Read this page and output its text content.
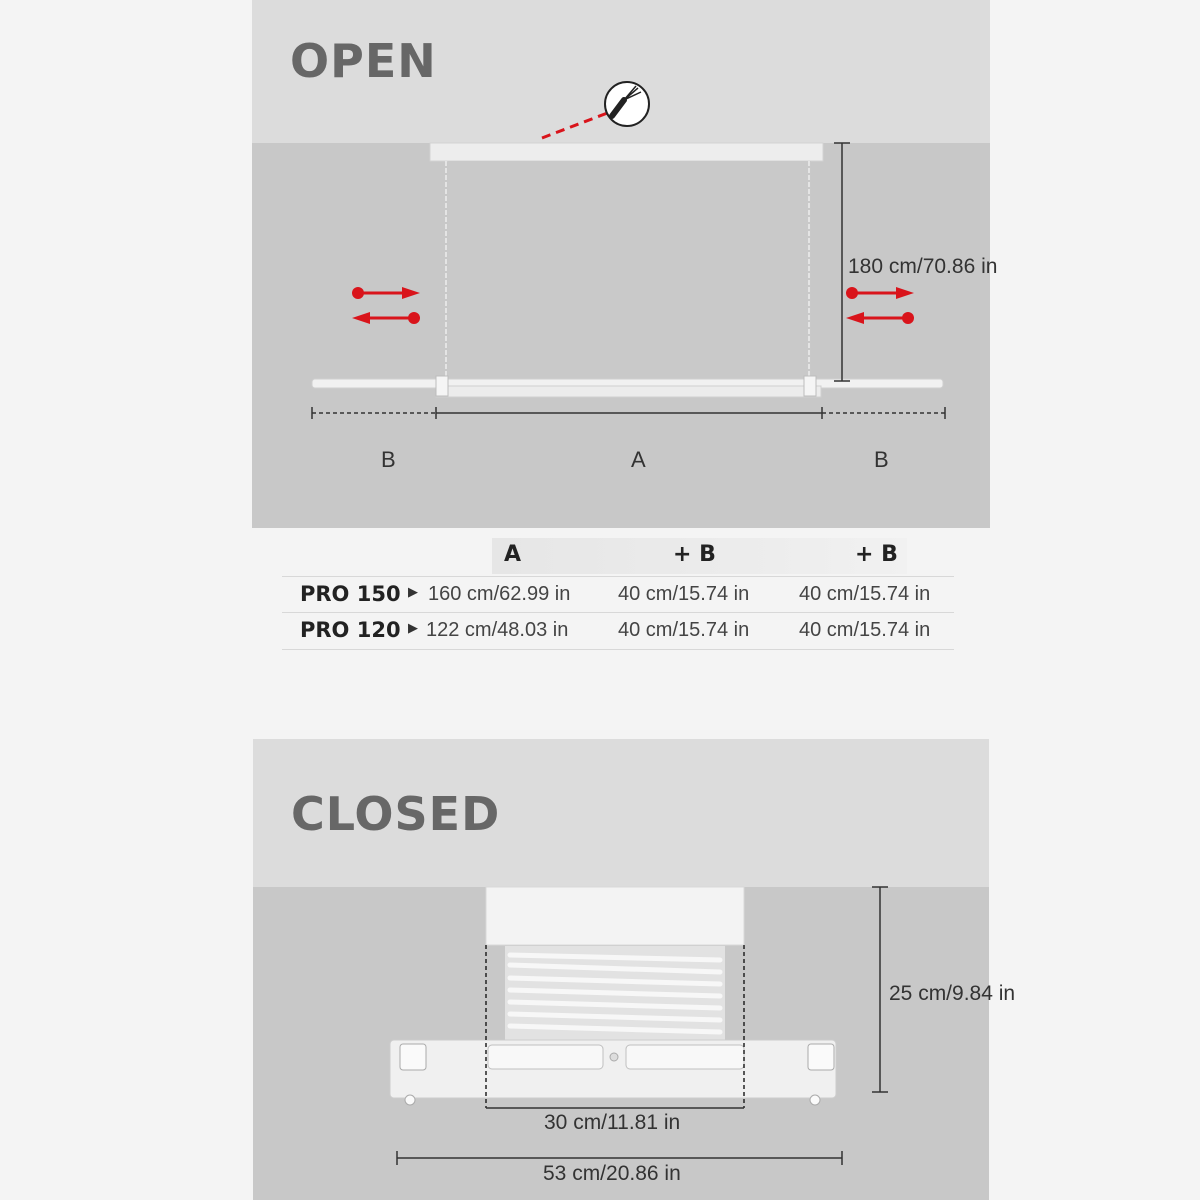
OPEN
180 cm/70.86 in
B	A	B
A	+ B	+ B
PRO 150 ▶ 160 cm/62.99 in 40 cm/15.74 in 40 cm/15.74 in
PRO 120 ▶ 122 cm/48.03 in 40 cm/15.74 in 40 cm/15.74 in
CLOSED
25 cm/9.84 in
30 cm/11.81 in
53 cm/20.86 in
